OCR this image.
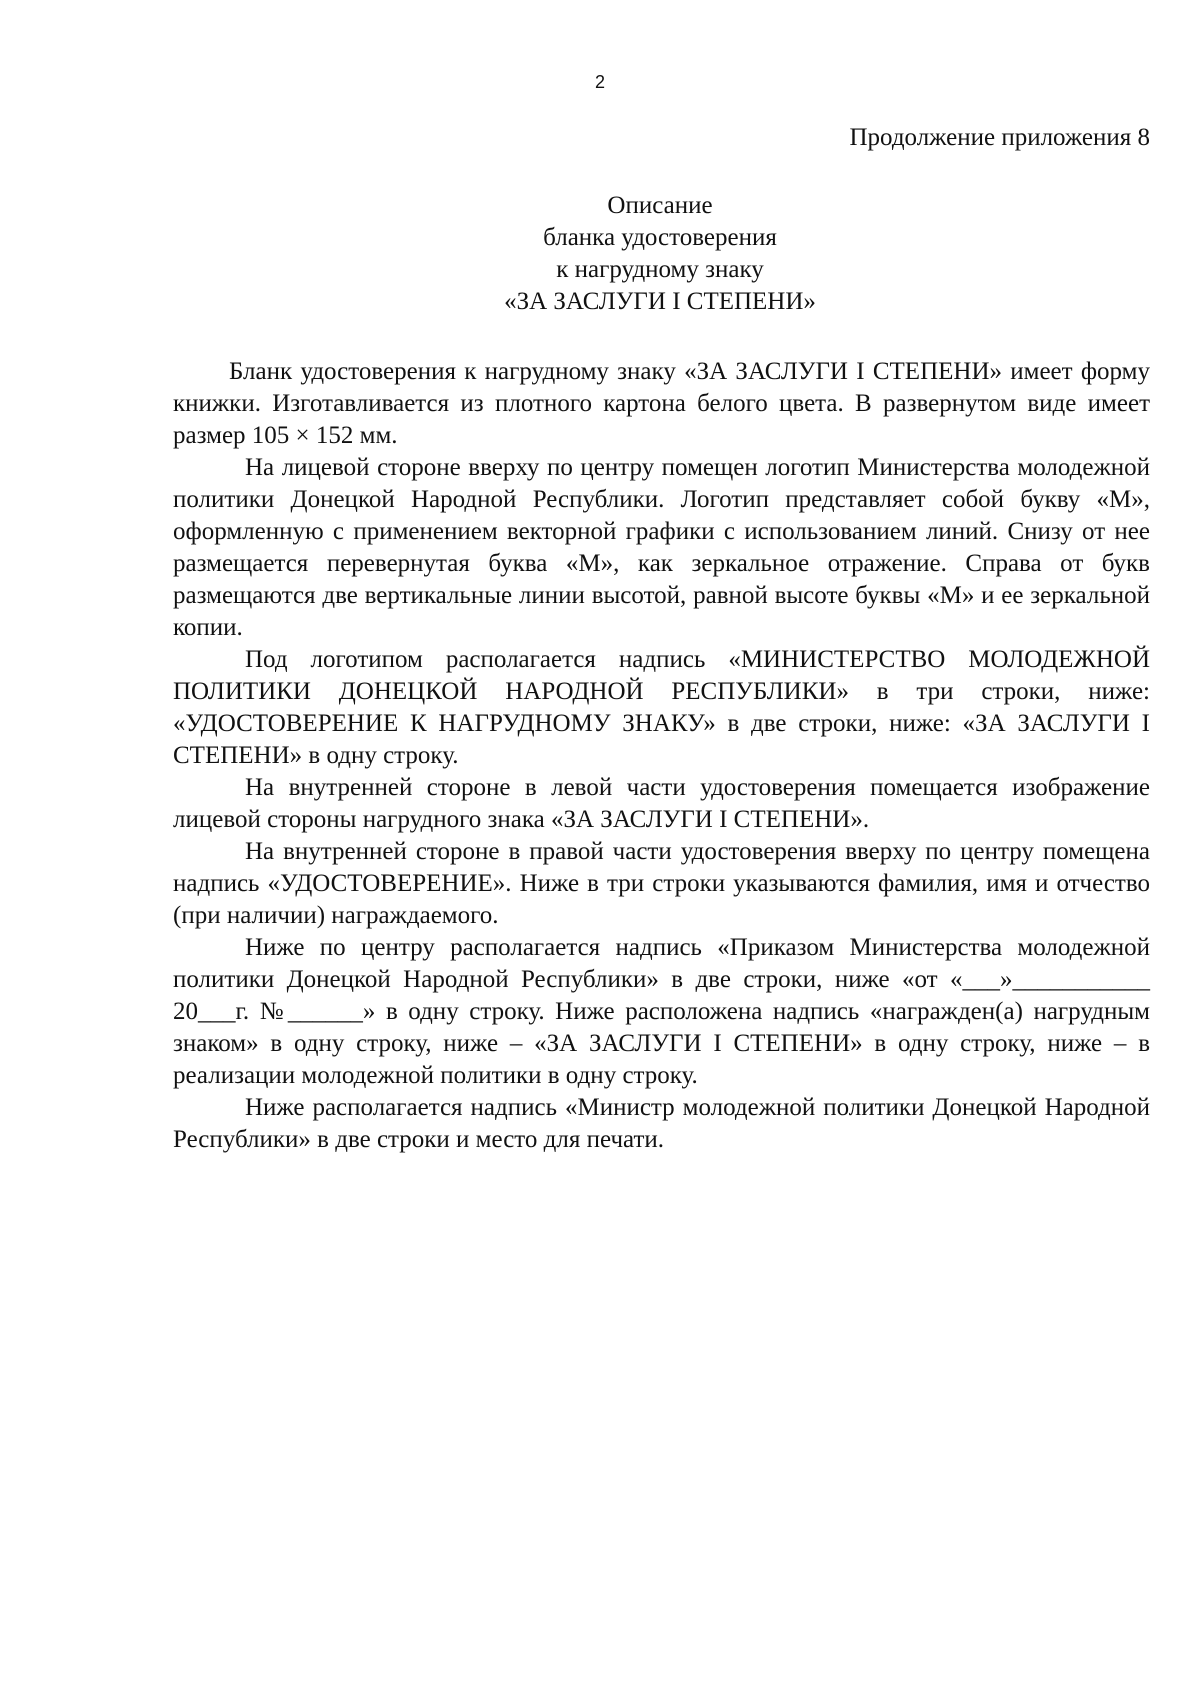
2
Продолжение приложения 8
Описание
бланка удостоверения
к нагрудному знаку
«ЗА ЗАСЛУГИ I СТЕПЕНИ»

Бланк удостоверения к нагрудному знаку «ЗА ЗАСЛУГИ I СТЕПЕНИ» имеет форму книжки. Изготавливается из плотного картона белого цвета. В развернутом виде имеет размер 105 × 152 мм.

На лицевой стороне вверху по центру помещен логотип Министерства молодежной политики Донецкой Народной Республики. Логотип представляет собой букву «М», оформленную с применением векторной графики с использованием линий. Снизу от нее размещается перевернутая буква «М», как зеркальное отражение. Справа от букв размещаются две вертикальные линии высотой, равной высоте буквы «М» и ее зеркальной копии.

Под логотипом располагается надпись «МИНИСТЕРСТВО МОЛОДЕЖНОЙ ПОЛИТИКИ ДОНЕЦКОЙ НАРОДНОЙ РЕСПУБЛИКИ» в три строки, ниже: «УДОСТОВЕРЕНИЕ К НАГРУДНОМУ ЗНАКУ» в две строки, ниже: «ЗА ЗАСЛУГИ I СТЕПЕНИ» в одну строку.

На внутренней стороне в левой части удостоверения помещается изображение лицевой стороны нагрудного знака «ЗА ЗАСЛУГИ I СТЕПЕНИ».

На внутренней стороне в правой части удостоверения вверху по центру помещена надпись «УДОСТОВЕРЕНИЕ». Ниже в три строки указываются фамилия, имя и отчество (при наличии) награждаемого.

Ниже по центру располагается надпись «Приказом Министерства молодежной политики Донецкой Народной Республики» в две строки, ниже «от «___»___________ 20___г. №______» в одну строку. Ниже расположена надпись «награжден(а) нагрудным знаком» в одну строку, ниже – «ЗА ЗАСЛУГИ I СТЕПЕНИ» в одну строку, ниже – в реализации молодежной политики в одну строку.

Ниже располагается надпись «Министр молодежной политики Донецкой Народной Республики» в две строки и место для печати.
